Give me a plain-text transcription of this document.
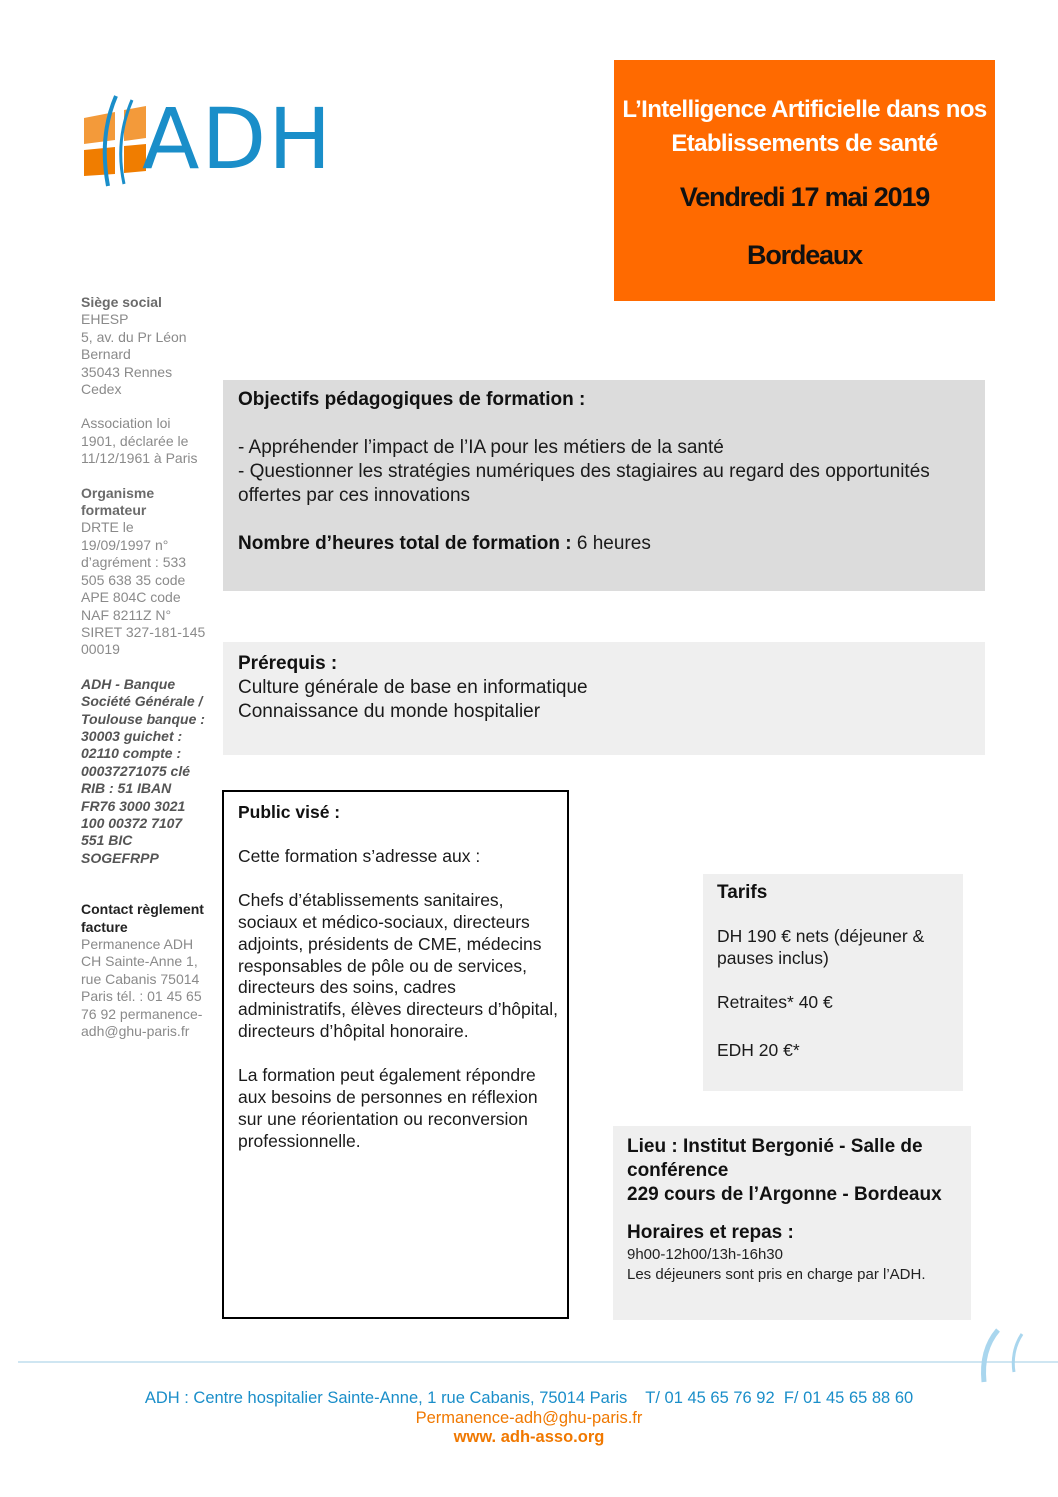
ADH	L’Intelligence Artificielle dans nos Etablissements de santé
Vendredi 17 mai 2019
Bordeaux
Siège social
EHESP
5, av. du Pr Léon Bernard
35043 Rennes Cedex
Association loi 1901, déclarée le 11/12/1961 à Paris
Organisme formateur
DRTE le 19/09/1997 n° d’agrément : 533 505 638 35 code APE 804C code NAF 8211Z N° SIRET 327-181-145 00019
ADH - Banque Société Générale / Toulouse banque : 30003 guichet : 02110 compte : 00037271075 clé RIB : 51 IBAN FR76 3000 3021 100 00372 7107 551 BIC SOGEFRPP
Contact règlement facture
Permanence ADH CH Sainte-Anne 1, rue Cabanis 75014 Paris tél. : 01 45 65 76 92 permanence-adh@ghu-paris.fr
Objectifs pédagogiques de formation :
- Appréhender l’impact de l’IA pour les métiers de la santé
- Questionner les stratégies numériques des stagiaires au regard des opportunités offertes par ces innovations
Nombre d’heures total de formation : 6 heures
Prérequis :
Culture générale de base en informatique
Connaissance du monde hospitalier
Public visé :
Cette formation s’adresse aux :
Chefs d’établissements sanitaires, sociaux et médico-sociaux, directeurs adjoints, présidents de CME, médecins responsables de pôle ou de services, directeurs des soins, cadres administratifs, élèves directeurs d’hôpital, directeurs d’hôpital honoraire.
La formation peut également répondre aux besoins de personnes en réflexion sur une réorientation ou reconversion professionnelle.
Tarifs
DH 190 € nets (déjeuner & pauses inclus)
Retraites* 40 €
EDH 20 €*
Lieu : Institut Bergonié - Salle de conférence
229 cours de l’Argonne - Bordeaux
Horaires et repas :
9h00-12h00/13h-16h30
Les déjeuners sont pris en charge par l’ADH.
ADH : Centre hospitalier Sainte-Anne, 1 rue Cabanis, 75014 Paris    T/ 01 45 65 76 92  F/ 01 45 65 88 60
Permanence-adh@ghu-paris.fr
www. adh-asso.org
